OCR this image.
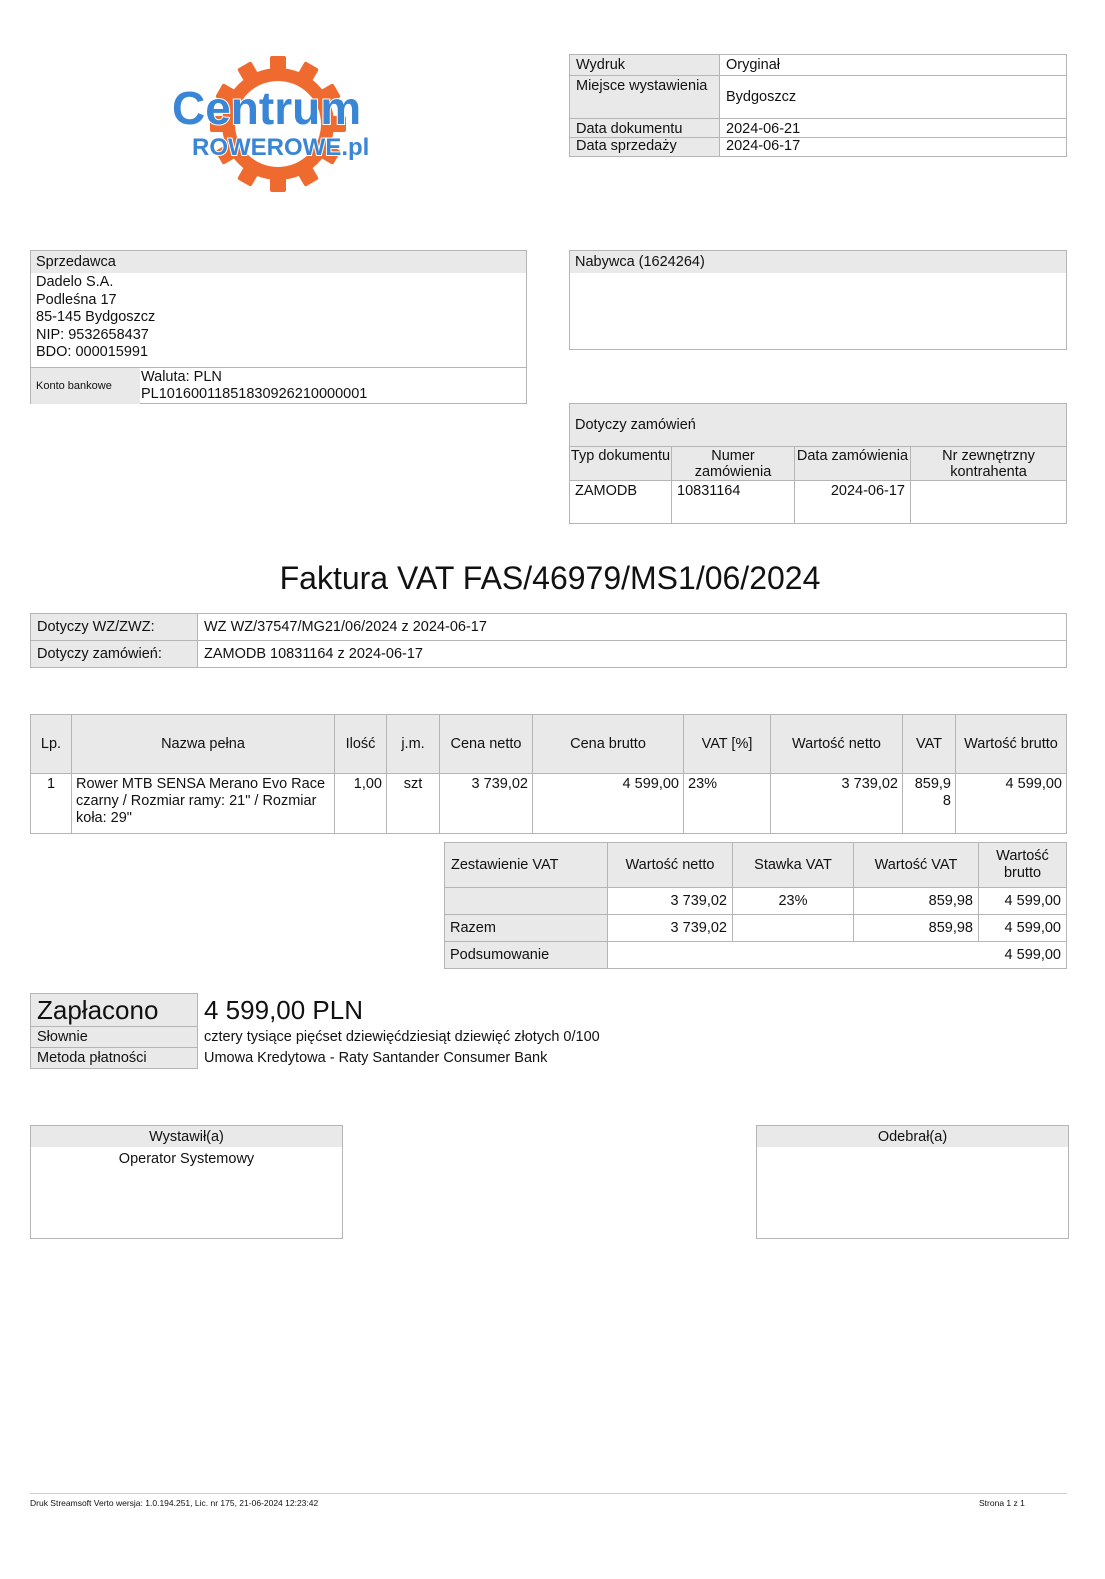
Centrum
ROWEROWE.pl
Wydruk	Oryginał
Miejsce wystawienia	Bydgoszcz
Data dokumentu	2024-06-21
Data sprzedaży	2024-06-17
Sprzedawca
Dadelo S.A.
Podleśna 17
85-145 Bydgoszcz
NIP: 9532658437
BDO: 000015991
Konto bankowe
Waluta: PLN
PL10160011851830926210000001
Nabywca (1624264)
Dotyczy zamówień			
Typ dokumentu	Numer zamówienia	Data zamówienia	Nr zewnętrzny kontrahenta
ZAMODB	10831164	2024-06-17	
Faktura VAT FAS/46979/MS1/06/2024
Dotyczy WZ/ZWZ:	WZ WZ/37547/MG21/06/2024 z 2024-06-17
Dotyczy zamówień:	ZAMODB 10831164 z 2024-06-17
Lp.	Nazwa pełna	Ilość	j.m.	Cena netto	Cena brutto	VAT [%]	Wartość netto	VAT	Wartość brutto
1	Rower MTB SENSA Merano Evo Race czarny / Rozmiar ramy: 21" / Rozmiar koła: 29"	1,00	szt	3 739,02	4 599,00	23%	3 739,02	859,98	4 599,00
Zestawienie VAT	Wartość netto	Stawka VAT	Wartość VAT	Wartość brutto
	3 739,02	23%	859,98	4 599,00
Razem	3 739,02		859,98	4 599,00
Podsumowanie	4 599,00			
Zapłacono	4 599,00 PLN
Słownie	cztery tysiące pięćset dziewięćdziesiąt dziewięć złotych 0/100
Metoda płatności	Umowa Kredytowa - Raty Santander Consumer Bank
Wystawił(a)
Operator Systemowy
Odebrał(a)
Druk Streamsoft Verto wersja: 1.0.194.251, Lic. nr 175, 21-06-2024 12:23:42	Strona 1 z 1
